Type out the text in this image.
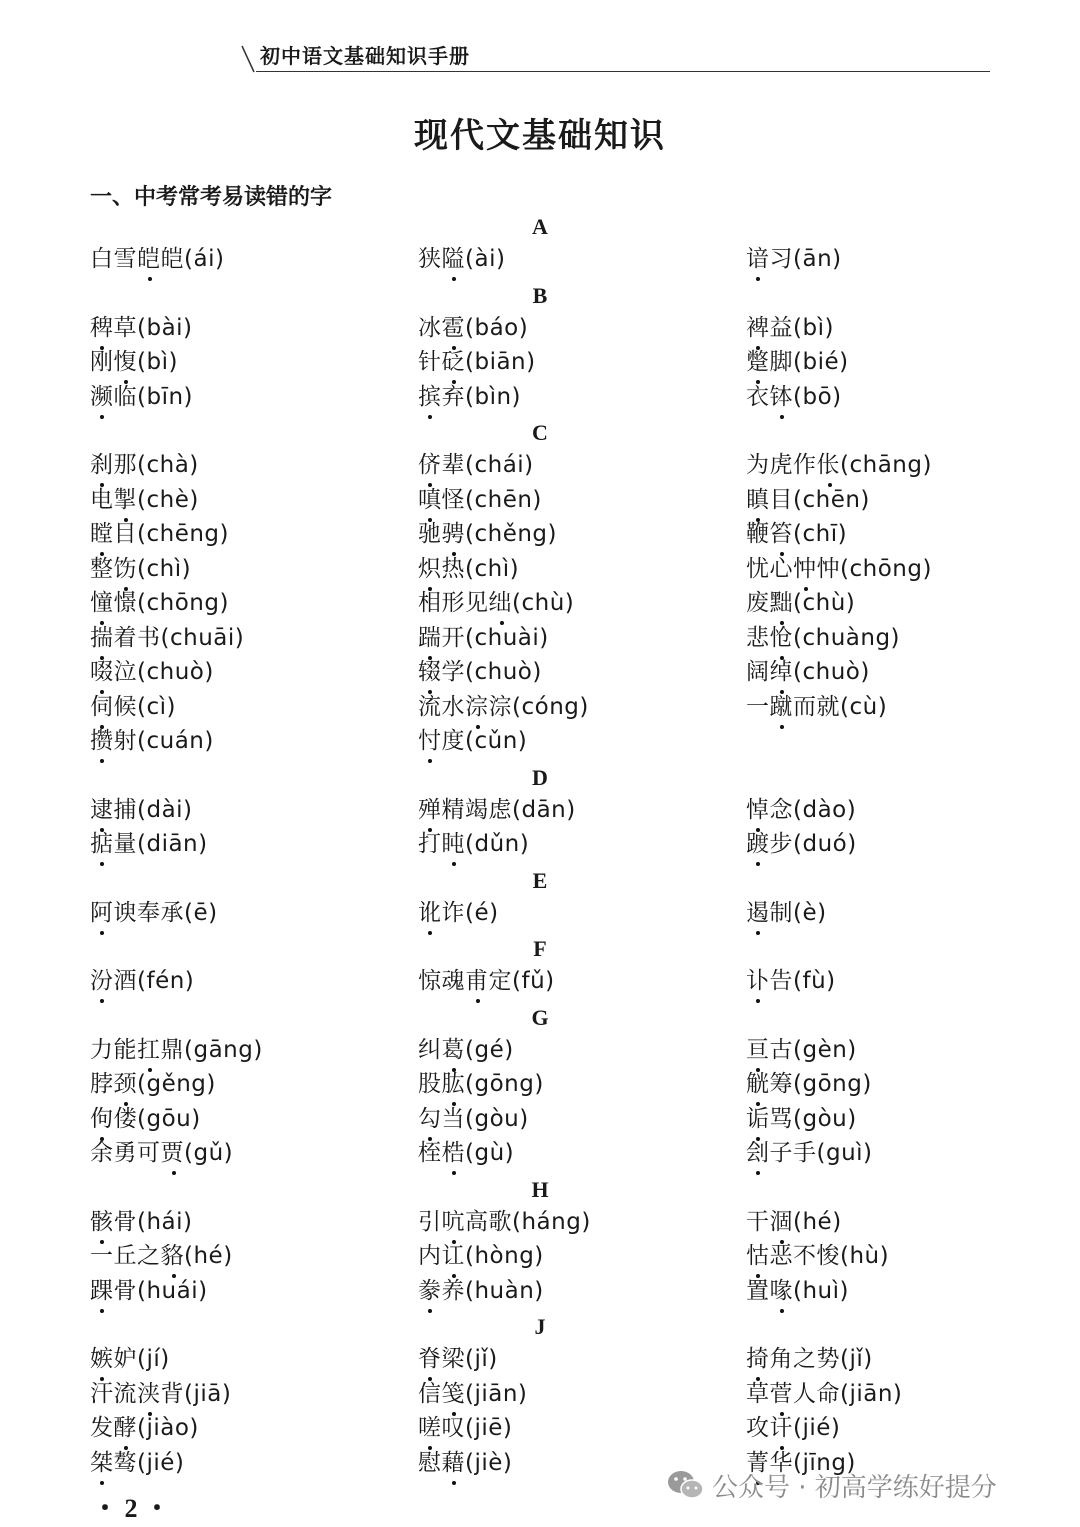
初中语文基础知识手册
现代文基础知识
一、中考常考易读错的字
A
白雪皑皑(ái)	狭隘(ài)	谙习(ān)
B
稗草(bài)	冰雹(báo)	裨益(bì)
刚愎(bì)	针砭(biān)	蹩脚(bié)
濒临(bīn)	摈弃(bìn)	衣钵(bō)
C
刹那(chà)	侪辈(chái)	为虎作伥(chāng)
电掣(chè)	嗔怪(chēn)	瞋目(chēn)
瞠目(chēng)	驰骋(chěng)	鞭笞(chī)
整饬(chì)	炽热(chì)	忧心忡忡(chōng)
憧憬(chōng)	相形见绌(chù)	废黜(chù)
揣着书(chuāi)	踹开(chuài)	悲怆(chuàng)
啜泣(chuò)	辍学(chuò)	阔绰(chuò)
伺候(cì)	流水淙淙(cóng)	一蹴而就(cù)
攒射(cuán)	忖度(cǔn)
D
逮捕(dài)	殚精竭虑(dān)	悼念(dào)
掂量(diān)	打盹(dǔn)	踱步(duó)
E
阿谀奉承(ē)	讹诈(é)	遏制(è)
F
汾酒(fén)	惊魂甫定(fǔ)	讣告(fù)
G
力能扛鼎(gāng)	纠葛(gé)	亘古(gèn)
脖颈(gěng)	股肱(gōng)	觥筹(gōng)
佝偻(gōu)	勾当(gòu)	诟骂(gòu)
余勇可贾(gǔ)	桎梏(gù)	刽子手(guì)
H
骸骨(hái)	引吭高歌(háng)	干涸(hé)
一丘之貉(hé)	内讧(hòng)	怙恶不悛(hù)
踝骨(huái)	豢养(huàn)	置喙(huì)
J
嫉妒(jí)	脊梁(jǐ)	掎角之势(jǐ)
汗流浃背(jiā)	信笺(jiān)	草菅人命(jiān)
发酵(jiào)	嗟叹(jiē)	攻讦(jié)
桀骜(jié)	慰藉(jiè)	菁华(jīng)
・ 2 ・
公众号 · 初高学练好提分
